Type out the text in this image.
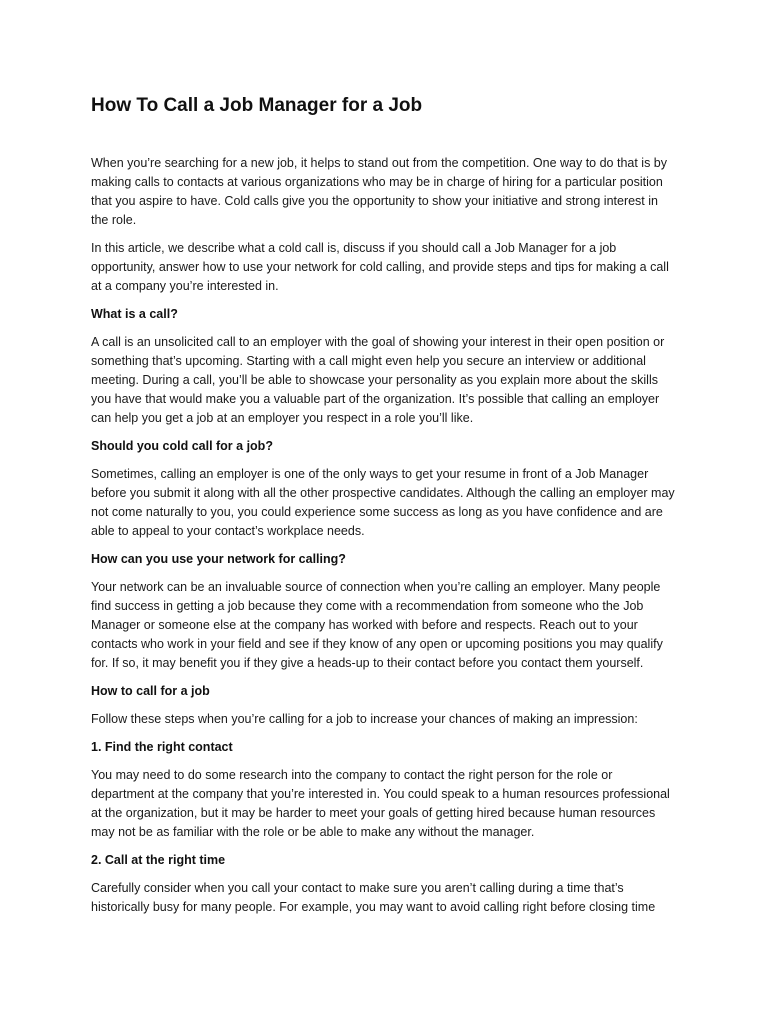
How To Call a Job Manager for a Job

When you’re searching for a new job, it helps to stand out from the competition. One way to do that is by making calls to contacts at various organizations who may be in charge of hiring for a particular position that you aspire to have. Cold calls give you the opportunity to show your initiative and strong interest in the role.

In this article, we describe what a cold call is, discuss if you should call a Job Manager for a job opportunity, answer how to use your network for cold calling, and provide steps and tips for making a call at a company you’re interested in.

What is a call?

A call is an unsolicited call to an employer with the goal of showing your interest in their open position or something that’s upcoming. Starting with a call might even help you secure an interview or additional meeting. During a call, you’ll be able to showcase your personality as you explain more about the skills you have that would make you a valuable part of the organization. It’s possible that calling an employer can help you get a job at an employer you respect in a role you’ll like.

Should you cold call for a job?

Sometimes, calling an employer is one of the only ways to get your resume in front of a Job Manager before you submit it along with all the other prospective candidates. Although the calling an employer may not come naturally to you, you could experience some success as long as you have confidence and are able to appeal to your contact’s workplace needs.

How can you use your network for calling?

Your network can be an invaluable source of connection when you’re calling an employer. Many people find success in getting a job because they come with a recommendation from someone who the Job Manager or someone else at the company has worked with before and respects. Reach out to your contacts who work in your field and see if they know of any open or upcoming positions you may qualify for. If so, it may benefit you if they give a heads-up to their contact before you contact them yourself.

How to call for a job

Follow these steps when you’re calling for a job to increase your chances of making an impression:

1. Find the right contact

You may need to do some research into the company to contact the right person for the role or department at the company that you’re interested in. You could speak to a human resources professional at the organization, but it may be harder to meet your goals of getting hired because human resources may not be as familiar with the role or be able to make any without the manager.

2. Call at the right time

Carefully consider when you call your contact to make sure you aren’t calling during a time that’s historically busy for many people. For example, you may want to avoid calling right before closing time
